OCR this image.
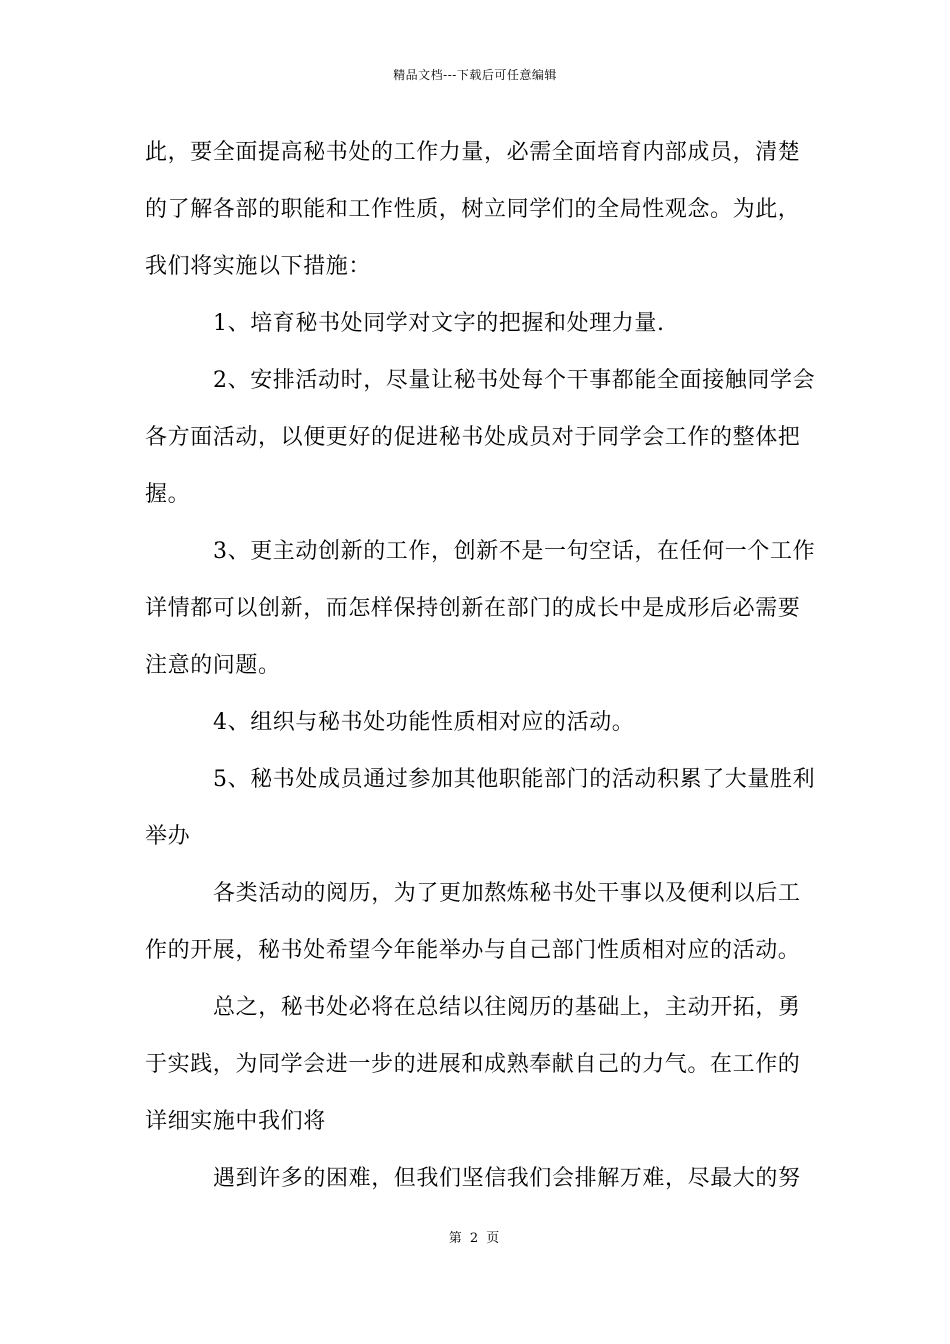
精品文档---下载后可任意编辑
此，要全面提高秘书处的工作力量，必需全面培育内部成员，清楚
的了解各部的职能和工作性质，树立同学们的全局性观念。为此，
我们将实施以下措施：
1、培育秘书处同学对文字的把握和处理力量.
2、安排活动时，尽量让秘书处每个干事都能全面接触同学会
各方面活动，以便更好的促进秘书处成员对于同学会工作的整体把
握。
3、更主动创新的工作，创新不是一句空话，在任何一个工作
详情都可以创新，而怎样保持创新在部门的成长中是成形后必需要
注意的问题。
4、组织与秘书处功能性质相对应的活动。
5、秘书处成员通过参加其他职能部门的活动积累了大量胜利
举办
各类活动的阅历，为了更加熬炼秘书处干事以及便利以后工
作的开展，秘书处希望今年能举办与自己部门性质相对应的活动。
总之，秘书处必将在总结以往阅历的基础上，主动开拓，勇
于实践，为同学会进一步的进展和成熟奉献自己的力气。在工作的
详细实施中我们将
遇到许多的困难，但我们坚信我们会排解万难，尽最大的努
第 2 页
